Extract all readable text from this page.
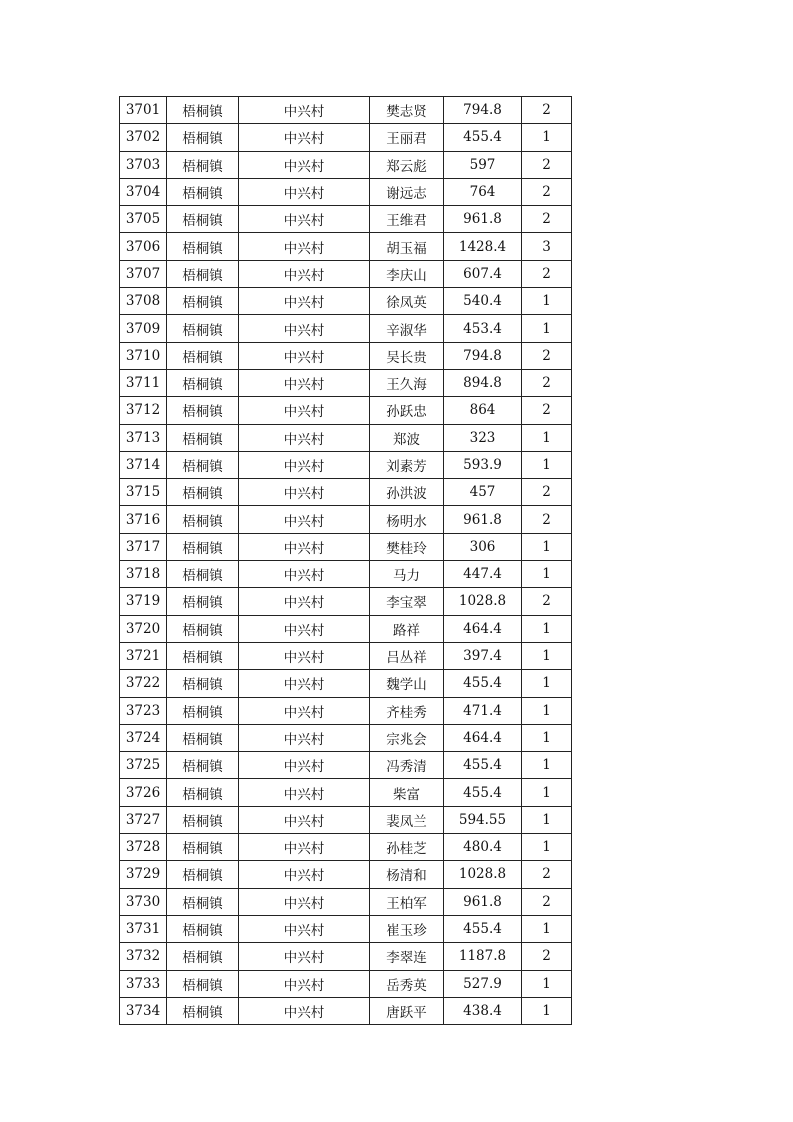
3701	梧桐镇	中兴村	樊志贤	794.8	2
3702	梧桐镇	中兴村	王丽君	455.4	1
3703	梧桐镇	中兴村	郑云彪	597	2
3704	梧桐镇	中兴村	谢远志	764	2
3705	梧桐镇	中兴村	王维君	961.8	2
3706	梧桐镇	中兴村	胡玉福	1428.4	3
3707	梧桐镇	中兴村	李庆山	607.4	2
3708	梧桐镇	中兴村	徐凤英	540.4	1
3709	梧桐镇	中兴村	辛淑华	453.4	1
3710	梧桐镇	中兴村	吴长贵	794.8	2
3711	梧桐镇	中兴村	王久海	894.8	2
3712	梧桐镇	中兴村	孙跃忠	864	2
3713	梧桐镇	中兴村	郑波	323	1
3714	梧桐镇	中兴村	刘素芳	593.9	1
3715	梧桐镇	中兴村	孙洪波	457	2
3716	梧桐镇	中兴村	杨明水	961.8	2
3717	梧桐镇	中兴村	樊桂玲	306	1
3718	梧桐镇	中兴村	马力	447.4	1
3719	梧桐镇	中兴村	李宝翠	1028.8	2
3720	梧桐镇	中兴村	路祥	464.4	1
3721	梧桐镇	中兴村	吕丛祥	397.4	1
3722	梧桐镇	中兴村	魏学山	455.4	1
3723	梧桐镇	中兴村	齐桂秀	471.4	1
3724	梧桐镇	中兴村	宗兆会	464.4	1
3725	梧桐镇	中兴村	冯秀清	455.4	1
3726	梧桐镇	中兴村	柴富	455.4	1
3727	梧桐镇	中兴村	裴凤兰	594.55	1
3728	梧桐镇	中兴村	孙桂芝	480.4	1
3729	梧桐镇	中兴村	杨清和	1028.8	2
3730	梧桐镇	中兴村	王柏军	961.8	2
3731	梧桐镇	中兴村	崔玉珍	455.4	1
3732	梧桐镇	中兴村	李翠连	1187.8	2
3733	梧桐镇	中兴村	岳秀英	527.9	1
3734	梧桐镇	中兴村	唐跃平	438.4	1
